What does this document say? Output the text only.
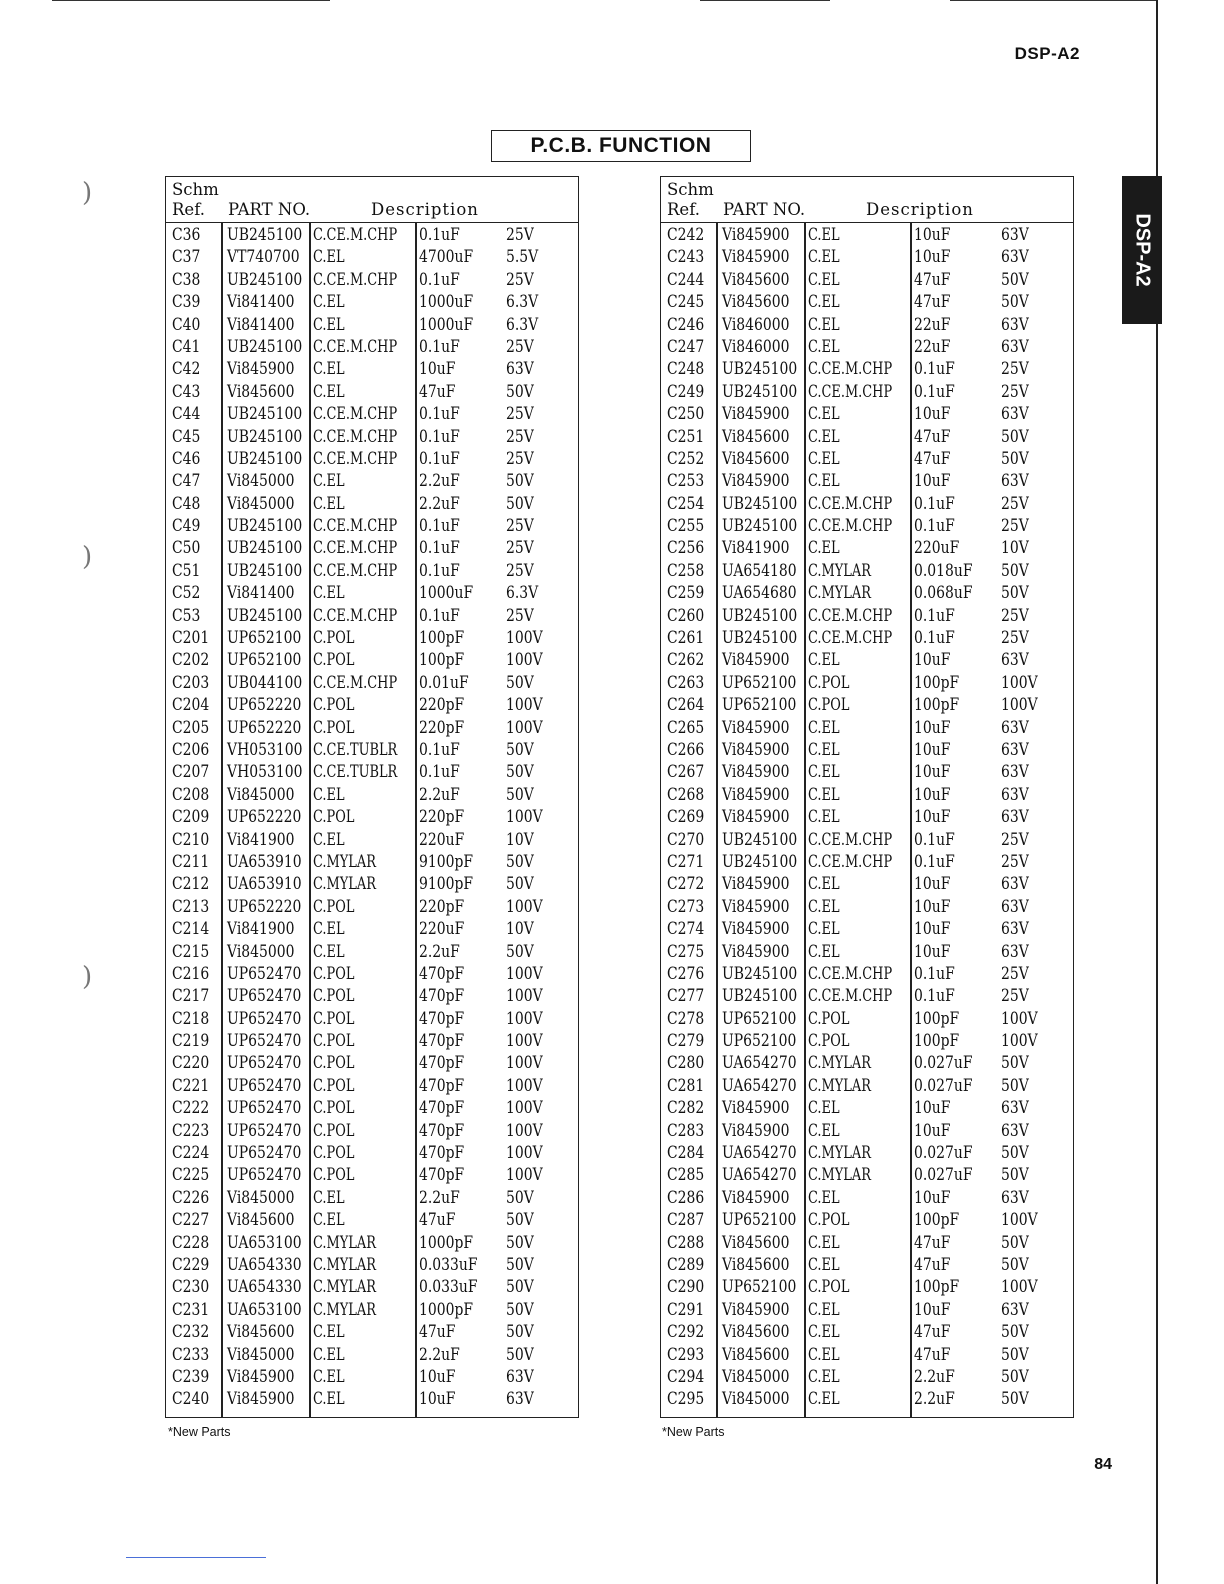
)
)
)
DSP-A2
DSP-A2
P.C.B. FUNCTION
Schm
Ref. PART NO.	Description
C36 UB245100 C.CE.M.CHP 0.1uF	25V
C37 VT740700 C.EL	4700uF 5.5V
C38 UB245100 C.CE.M.CHP 0.1uF	25V
C39 Vi841400 C.EL	1000uF 6.3V
C40 Vi841400 C.EL	1000uF 6.3V
C41 UB245100 C.CE.M.CHP 0.1uF	25V
C42 Vi845900 C.EL	10uF	63V
C43 Vi845600 C.EL	47uF	50V
C44 UB245100 C.CE.M.CHP 0.1uF	25V
C45 UB245100 C.CE.M.CHP 0.1uF	25V
C46 UB245100 C.CE.M.CHP 0.1uF	25V
C47 Vi845000 C.EL	2.2uF	50V
C48 Vi845000 C.EL	2.2uF	50V
C49 UB245100 C.CE.M.CHP 0.1uF	25V
C50 UB245100 C.CE.M.CHP 0.1uF	25V
C51 UB245100 C.CE.M.CHP 0.1uF	25V
C52 Vi841400 C.EL	1000uF 6.3V
C53 UB245100 C.CE.M.CHP 0.1uF	25V
C201 UP652100 C.POL	100pF 100V
C202 UP652100 C.POL	100pF 100V
C203 UB044100 C.CE.M.CHP 0.01uF 50V
C204 UP652220 C.POL	220pF 100V
C205 UP652220 C.POL	220pF 100V
C206 VH053100 C.CE.TUBLR 0.1uF	50V
C207 VH053100 C.CE.TUBLR 0.1uF	50V
C208 Vi845000 C.EL	2.2uF	50V
C209 UP652220 C.POL	220pF 100V
C210 Vi841900 C.EL	220uF 10V
C211 UA653910 C.MYLAR	9100pF 50V
C212 UA653910 C.MYLAR	9100pF 50V
C213 UP652220 C.POL	220pF 100V
C214 Vi841900 C.EL	220uF 10V
C215 Vi845000 C.EL	2.2uF	50V
C216 UP652470 C.POL	470pF 100V
C217 UP652470 C.POL	470pF 100V
C218 UP652470 C.POL	470pF 100V
C219 UP652470 C.POL	470pF 100V
C220 UP652470 C.POL	470pF 100V
C221 UP652470 C.POL	470pF 100V
C222 UP652470 C.POL	470pF 100V
C223 UP652470 C.POL	470pF 100V
C224 UP652470 C.POL	470pF 100V
C225 UP652470 C.POL	470pF 100V
C226 Vi845000 C.EL	2.2uF	50V
C227 Vi845600 C.EL	47uF	50V
C228 UA653100 C.MYLAR	1000pF 50V
C229 UA654330 C.MYLAR	0.033uF 50V
C230 UA654330 C.MYLAR	0.033uF 50V
C231 UA653100 C.MYLAR	1000pF 50V
C232 Vi845600 C.EL	47uF	50V
C233 Vi845000 C.EL	2.2uF	50V
C239 Vi845900 C.EL	10uF	63V
C240 Vi845900 C.EL	10uF	63V
Schm
Ref. PART NO.	Description
C242 Vi845900 C.EL	10uF	63V
C243 Vi845900 C.EL	10uF	63V
C244 Vi845600 C.EL	47uF	50V
C245 Vi845600 C.EL	47uF	50V
C246 Vi846000 C.EL	22uF	63V
C247 Vi846000 C.EL	22uF	63V
C248 UB245100 C.CE.M.CHP 0.1uF	25V
C249 UB245100 C.CE.M.CHP 0.1uF	25V
C250 Vi845900 C.EL	10uF	63V
C251 Vi845600 C.EL	47uF	50V
C252 Vi845600 C.EL	47uF	50V
C253 Vi845900 C.EL	10uF	63V
C254 UB245100 C.CE.M.CHP 0.1uF	25V
C255 UB245100 C.CE.M.CHP 0.1uF	25V
C256 Vi841900 C.EL	220uF 10V
C258 UA654180 C.MYLAR	0.018uF 50V
C259 UA654680 C.MYLAR	0.068uF 50V
C260 UB245100 C.CE.M.CHP 0.1uF	25V
C261 UB245100 C.CE.M.CHP 0.1uF	25V
C262 Vi845900 C.EL	10uF	63V
C263 UP652100 C.POL	100pF 100V
C264 UP652100 C.POL	100pF 100V
C265 Vi845900 C.EL	10uF	63V
C266 Vi845900 C.EL	10uF	63V
C267 Vi845900 C.EL	10uF	63V
C268 Vi845900 C.EL	10uF	63V
C269 Vi845900 C.EL	10uF	63V
C270 UB245100 C.CE.M.CHP 0.1uF	25V
C271 UB245100 C.CE.M.CHP 0.1uF	25V
C272 Vi845900 C.EL	10uF	63V
C273 Vi845900 C.EL	10uF	63V
C274 Vi845900 C.EL	10uF	63V
C275 Vi845900 C.EL	10uF	63V
C276 UB245100 C.CE.M.CHP 0.1uF	25V
C277 UB245100 C.CE.M.CHP 0.1uF	25V
C278 UP652100 C.POL	100pF 100V
C279 UP652100 C.POL	100pF 100V
C280 UA654270 C.MYLAR	0.027uF 50V
C281 UA654270 C.MYLAR	0.027uF 50V
C282 Vi845900 C.EL	10uF	63V
C283 Vi845900 C.EL	10uF	63V
C284 UA654270 C.MYLAR	0.027uF 50V
C285 UA654270 C.MYLAR	0.027uF 50V
C286 Vi845900 C.EL	10uF	63V
C287 UP652100 C.POL	100pF 100V
C288 Vi845600 C.EL	47uF	50V
C289 Vi845600 C.EL	47uF	50V
C290 UP652100 C.POL	100pF 100V
C291 Vi845900 C.EL	10uF	63V
C292 Vi845600 C.EL	47uF	50V
C293 Vi845600 C.EL	47uF	50V
C294 Vi845000 C.EL	2.2uF	50V
C295 Vi845000 C.EL	2.2uF	50V
*New Parts	*New Parts
84
